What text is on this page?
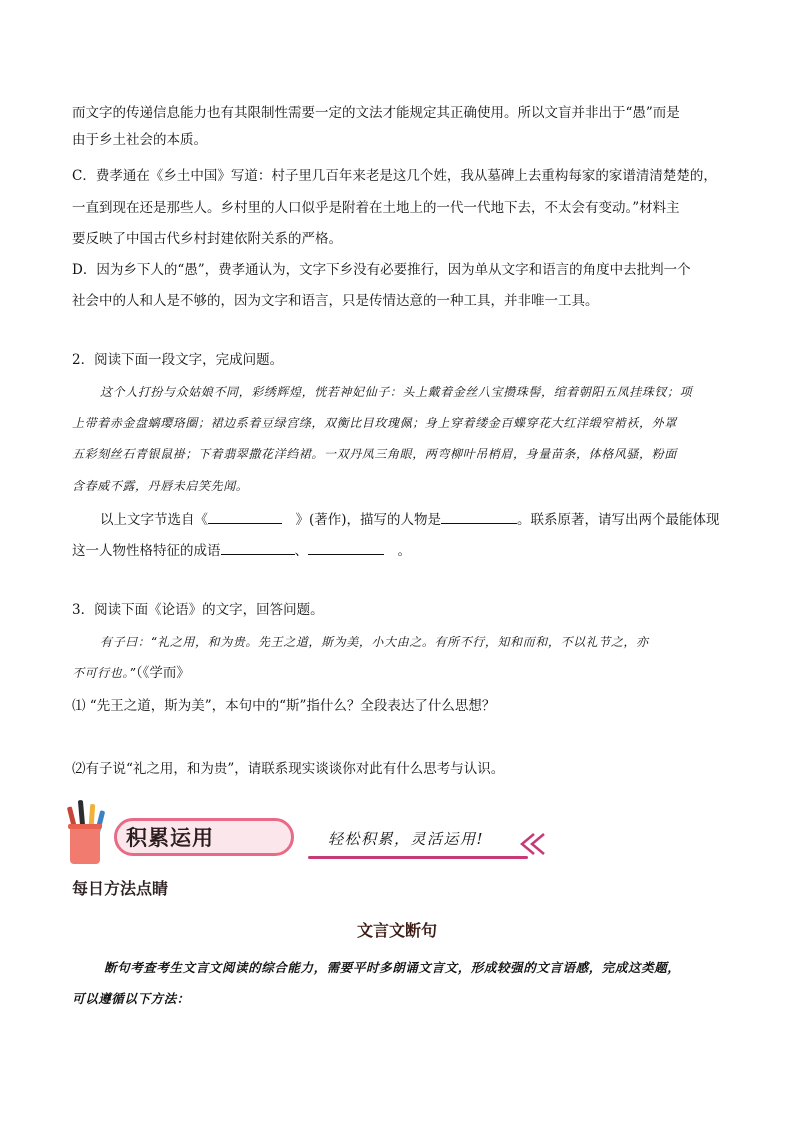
而文字的传递信息能力也有其限制性需要一定的文法才能规定其正确使用。所以文盲并非出于“愚”而是

由于乡土社会的本质。

C．费孝通在《乡土中国》写道：村子里几百年来老是这几个姓，我从墓碑上去重构每家的家谱清清楚楚的，

一直到现在还是那些人。乡村里的人口似乎是附着在土地上的一代一代地下去，不太会有变动。”材料主

要反映了中国古代乡村封建依附关系的严格。

D．因为乡下人的“愚”，费孝通认为，文字下乡没有必要推行，因为单从文字和语言的角度中去批判一个

社会中的人和人是不够的，因为文字和语言，只是传情达意的一种工具，并非唯一工具。

2．阅读下面一段文字，完成问题。

这个人打扮与众姑娘不同，彩绣辉煌，恍若神妃仙子：头上戴着金丝八宝攒珠髻，绾着朝阳五凤挂珠钗；项

上带着赤金盘螭璎珞圈；裙边系着豆绿宫绦，双衡比目玫瑰佩；身上穿着缕金百蝶穿花大红洋缎窄褃袄，外罩

五彩刻丝石青银鼠褂；下着翡翠撒花洋绉裙。一双丹凤三角眼，两弯柳叶吊梢眉，身量苗条，体格风骚，粉面

含春威不露，丹唇未启笑先闻。

以上文字节选自《　	》(著作)，描写的人物是	。联系原著，请写出两个最能体现

这一人物性格特征的成语	、　	。

3．阅读下面《论语》的文字，回答问题。

有子曰：“礼之用，和为贵。先王之道，斯为美，小大由之。有所不行，知和而和，不以礼节之，亦

不可行也。”（《学而》

⑴ “先王之道，斯为美”，本句中的“斯”指什么？全段表达了什么思想？

⑵有子说“礼之用，和为贵”，请联系现实谈谈你对此有什么思考与认识。

积累运用	轻松积累，灵活运用!
每日方法点睛
文言文断句

断句考查考生文言文阅读的综合能力，需要平时多朗诵文言文，形成较强的文言语感，完成这类题，

可以遵循以下方法：
